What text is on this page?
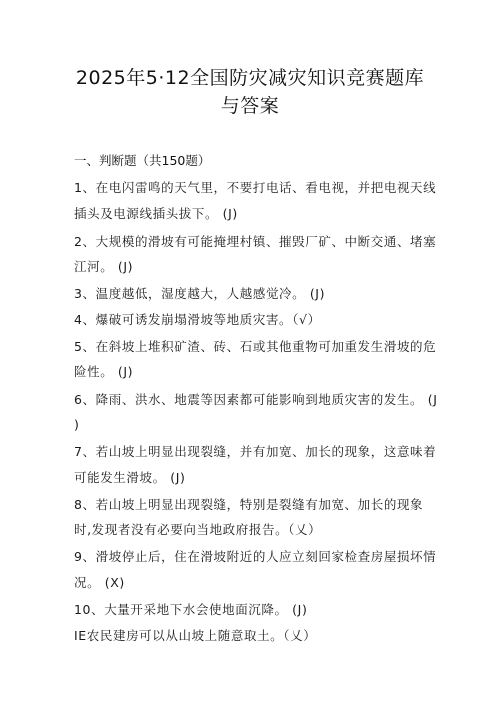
2025年5·12全国防灾减灾知识竞赛题库
与答案
一、判断题（共150题）
1、在电闪雷鸣的天气里，不要打电话、看电视，并把电视天线
插头及电源线插头拔下。 (J)
2、大规模的滑坡有可能掩埋村镇、摧毁厂矿、中断交通、堵塞
江河。 (J)
3、温度越低，湿度越大，人越感觉冷。 (J)
4、爆破可诱发崩塌滑坡等地质灾害。（√）
5、在斜坡上堆积矿渣、砖、石或其他重物可加重发生滑坡的危
险性。 (J)
6、降雨、洪水、地震等因素都可能影响到地质灾害的发生。 (J
)
7、若山坡上明显出现裂缝，并有加宽、加长的现象，这意味着
可能发生滑坡。 (J)
8、若山坡上明显出现裂缝，特别是裂缝有加宽、加长的现象
时,发现者没有必要向当地政府报告。（乂）
9、滑坡停止后，住在滑坡附近的人应立刻回家检查房屋损坏情
况。 (X)
10、大量开采地下水会使地面沉降。 (J)
IE农民建房可以从山坡上随意取土。（乂）
